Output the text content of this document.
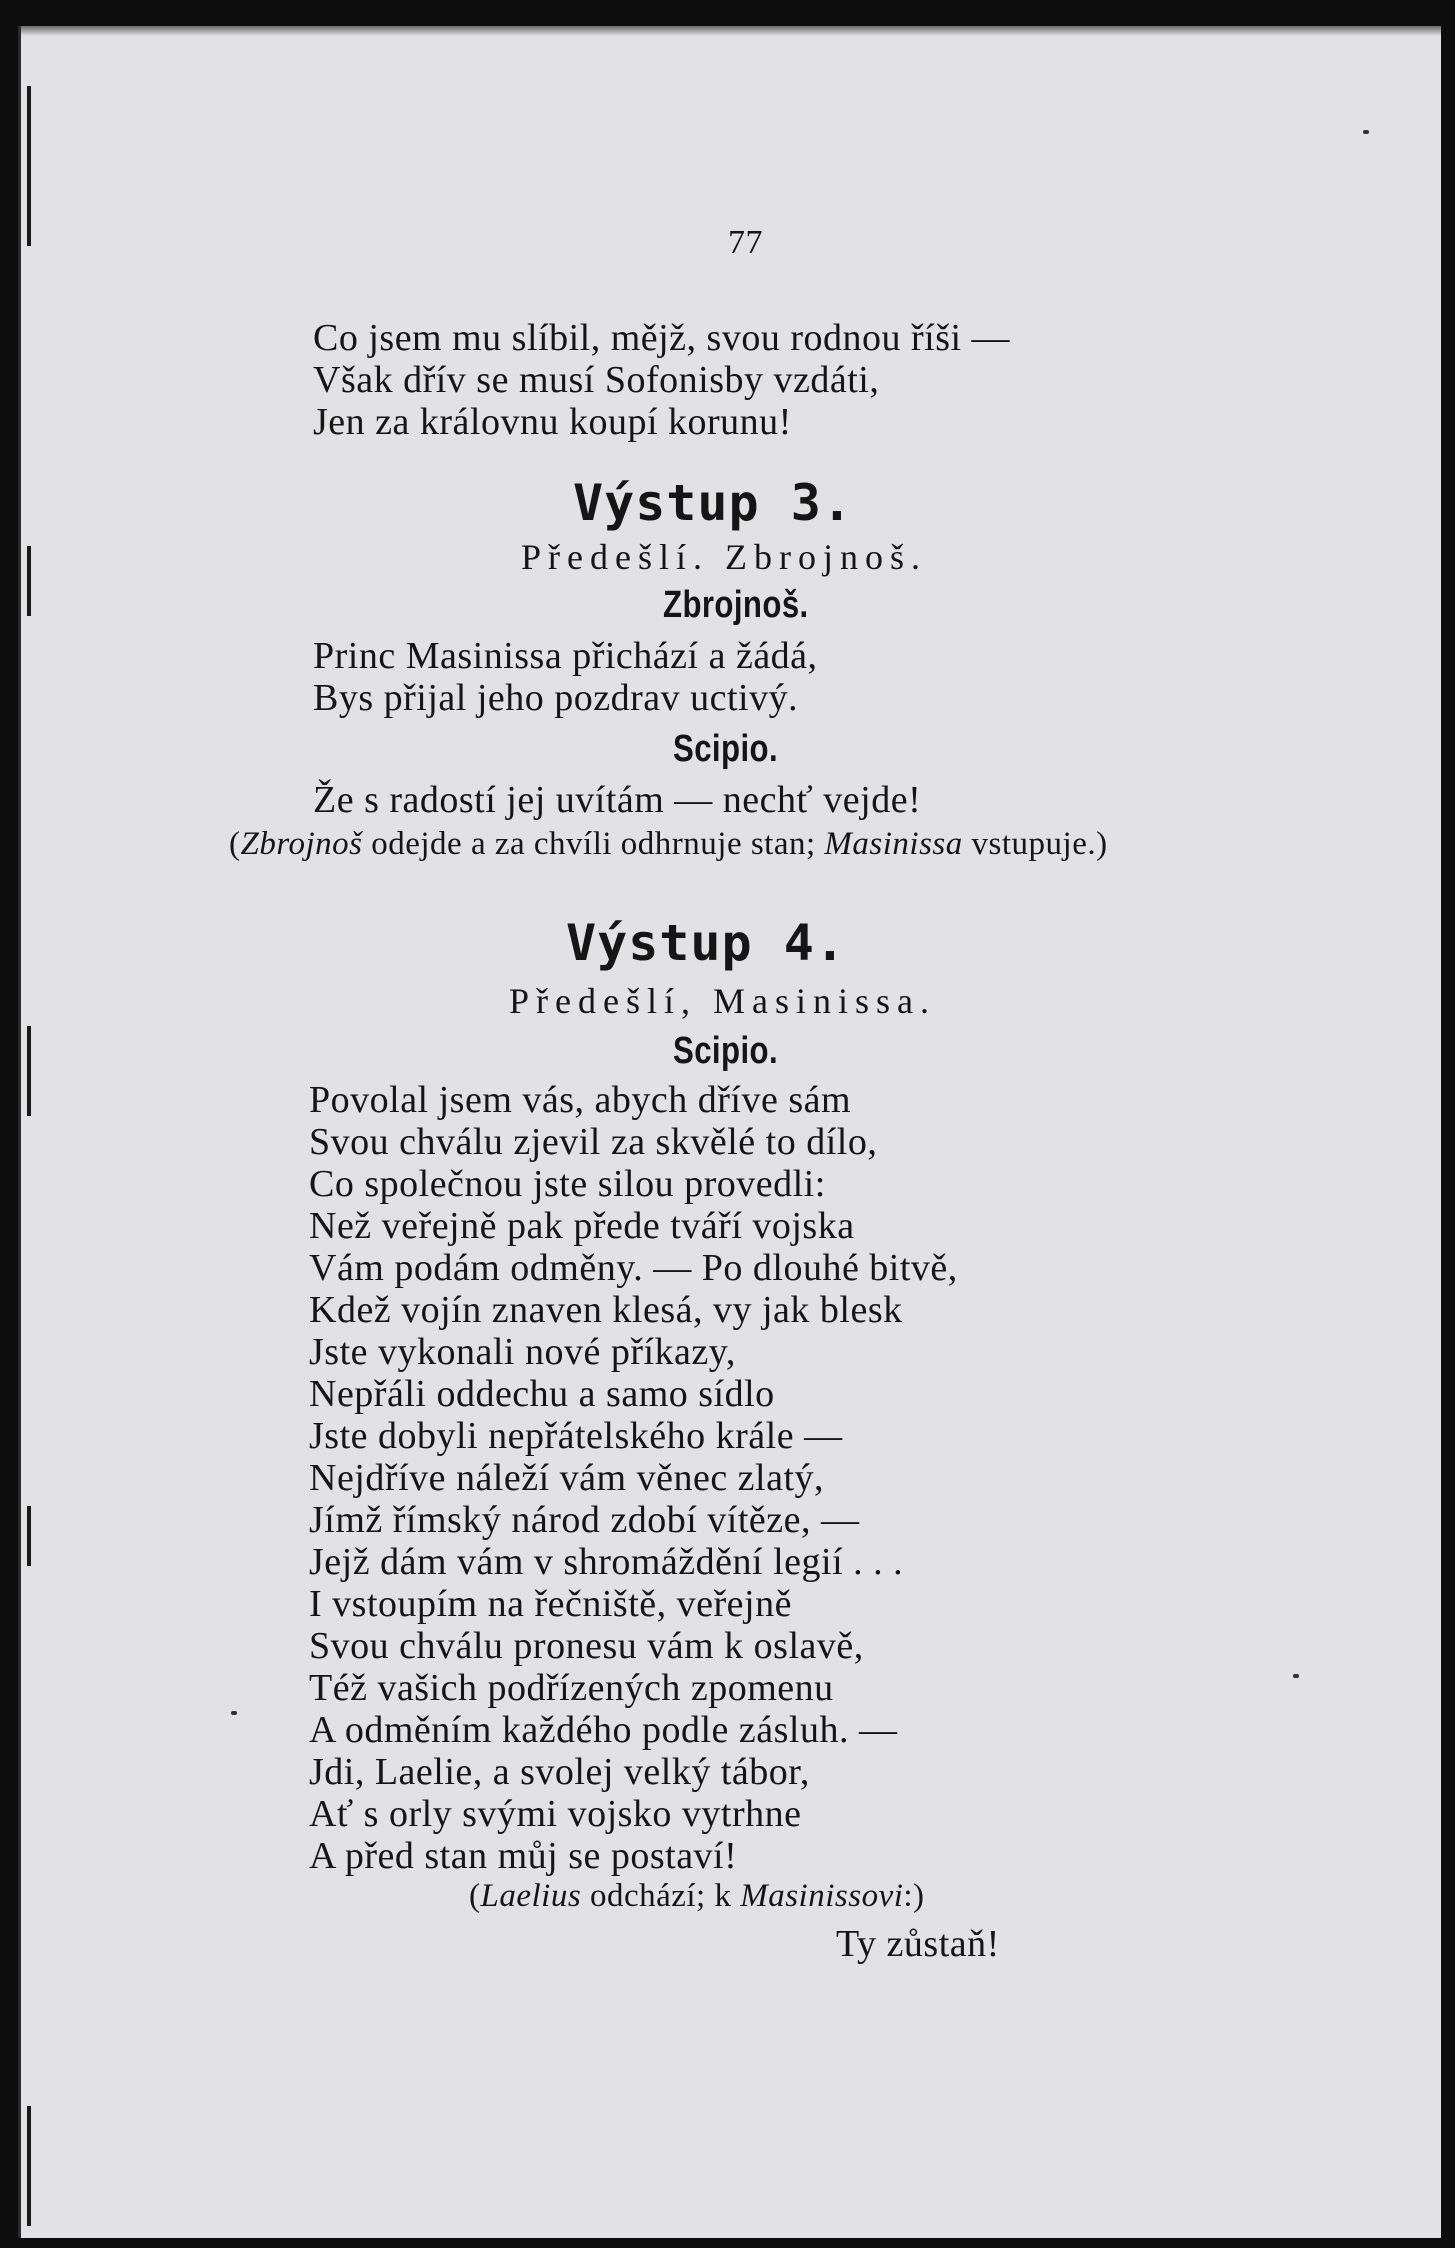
77
Co jsem mu slíbil, mějž, svou rodnou říši —
Však dřív se musí Sofonisby vzdáti,
Jen za královnu koupí korunu!
Výstup 3.
Předešlí. Zbrojnoš.
Zbrojnoš.
Princ Masinissa přichází a žádá,
Bys přijal jeho pozdrav uctivý.
Scipio.
Že s radostí jej uvítám — nechť vejde!
(Zbrojnoš odejde a za chvíli odhrnuje stan; Masinissa vstupuje.)
Výstup 4.
Předešlí, Masinissa.
Scipio.
Povolal jsem vás, abych dříve sám
Svou chválu zjevil za skvělé to dílo,
Co společnou jste silou provedli:
Než veřejně pak přede tváří vojska
Vám podám odměny. — Po dlouhé bitvě,
Kdež vojín znaven klesá, vy jak blesk
Jste vykonali nové příkazy,
Nepřáli oddechu a samo sídlo
Jste dobyli nepřátelského krále —
Nejdříve náleží vám věnec zlatý,
Jímž římský národ zdobí vítěze, —
Jejž dám vám v shromáždění legií . . .
I vstoupím na řečniště, veřejně
Svou chválu pronesu vám k oslavě,
Též vašich podřízených zpomenu
A odměním každého podle zásluh. —
Jdi, Laelie, a svolej velký tábor,
Ať s orly svými vojsko vytrhne
A před stan můj se postaví!
(Laelius odchází; k Masinissovi:)
Ty zůstaň!
